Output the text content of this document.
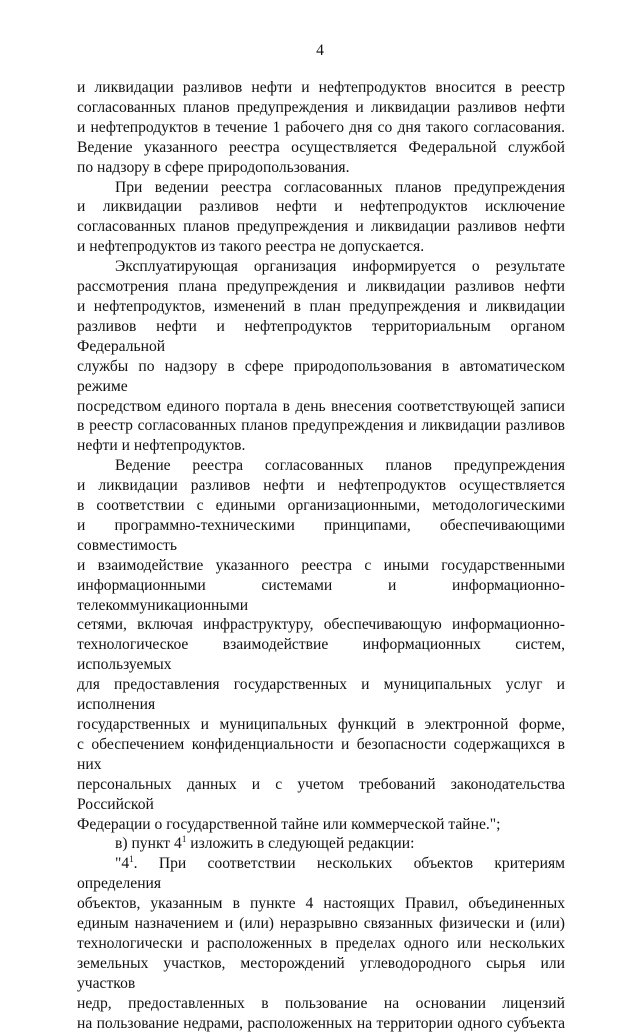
4

и ликвидации разливов нефти и нефтепродуктов вносится в реестр

согласованных планов предупреждения и ликвидации разливов нефти

и нефтепродуктов в течение 1 рабочего дня со дня такого согласования.

Ведение указанного реестра осуществляется Федеральной службой

по надзору в сфере природопользования.

При ведении реестра согласованных планов предупреждения

и ликвидации разливов нефти и нефтепродуктов исключение

согласованных планов предупреждения и ликвидации разливов нефти

и нефтепродуктов из такого реестра не допускается.

Эксплуатирующая организация информируется о результате

рассмотрения плана предупреждения и ликвидации разливов нефти

и нефтепродуктов, изменений в план предупреждения и ликвидации

разливов нефти и нефтепродуктов территориальным органом Федеральной

службы по надзору в сфере природопользования в автоматическом режиме

посредством единого портала в день внесения соответствующей записи

в реестр согласованных планов предупреждения и ликвидации разливов

нефти и нефтепродуктов.

Ведение реестра согласованных планов предупреждения

и ликвидации разливов нефти и нефтепродуктов осуществляется

в соответствии с едиными организационными, методологическими

и программно-техническими принципами, обеспечивающими совместимость

и взаимодействие указанного реестра с иными государственными

информационными системами и информационно-телекоммуникационными

сетями, включая инфраструктуру, обеспечивающую информационно-

технологическое взаимодействие информационных систем, используемых

для предоставления государственных и муниципальных услуг и исполнения

государственных и муниципальных функций в электронной форме,

с обеспечением конфиденциальности и безопасности содержащихся в них

персональных данных и с учетом требований законодательства Российской

Федерации о государственной тайне или коммерческой тайне.";

в) пункт $4^1$ изложить в следующей редакции:

"$4^1$. При соответствии нескольких объектов критериям определения

объектов, указанным в пункте 4 настоящих Правил, объединенных

единым назначением и (или) неразрывно связанных физически и (или)

технологически и расположенных в пределах одного или нескольких

земельных участков, месторождений углеводородного сырья или участков

недр, предоставленных в пользование на основании лицензий

на пользование недрами, расположенных на территории одного субъекта
